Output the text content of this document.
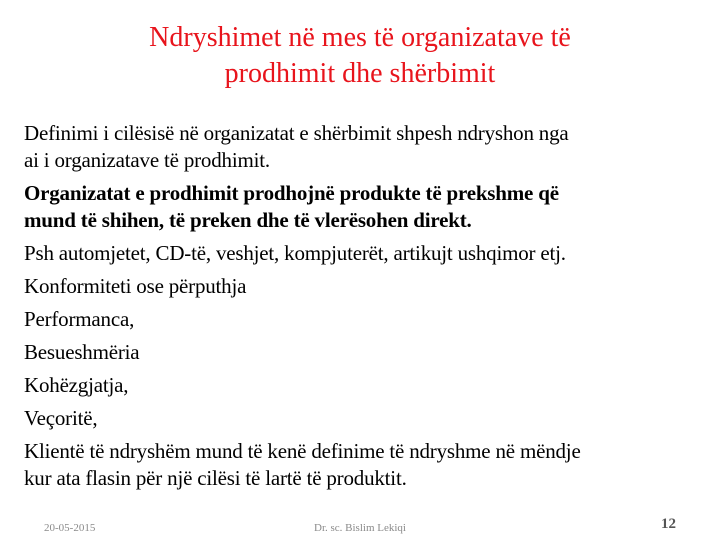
Ndryshimet në mes të organizatave të
prodhimit dhe shërbimit
Definimi i cilësisë në organizatat e shërbimit shpesh ndryshon nga
ai i organizatave të prodhimit.
Organizatat e prodhimit prodhojnë produkte të prekshme që
mund të shihen, të preken dhe të vlerësohen direkt.
Psh automjetet, CD-të, veshjet, kompjuterët, artikujt ushqimor etj.
Konformiteti ose përputhja
Performanca,
Besueshmëria
Kohëzgjatja,
Veçoritë,
Klientë të ndryshëm mund të kenë definime të ndryshme në mëndje
kur ata flasin për një cilësi të lartë të produktit.
20-05-2015	Dr. sc. Bislim Lekiqi	12
